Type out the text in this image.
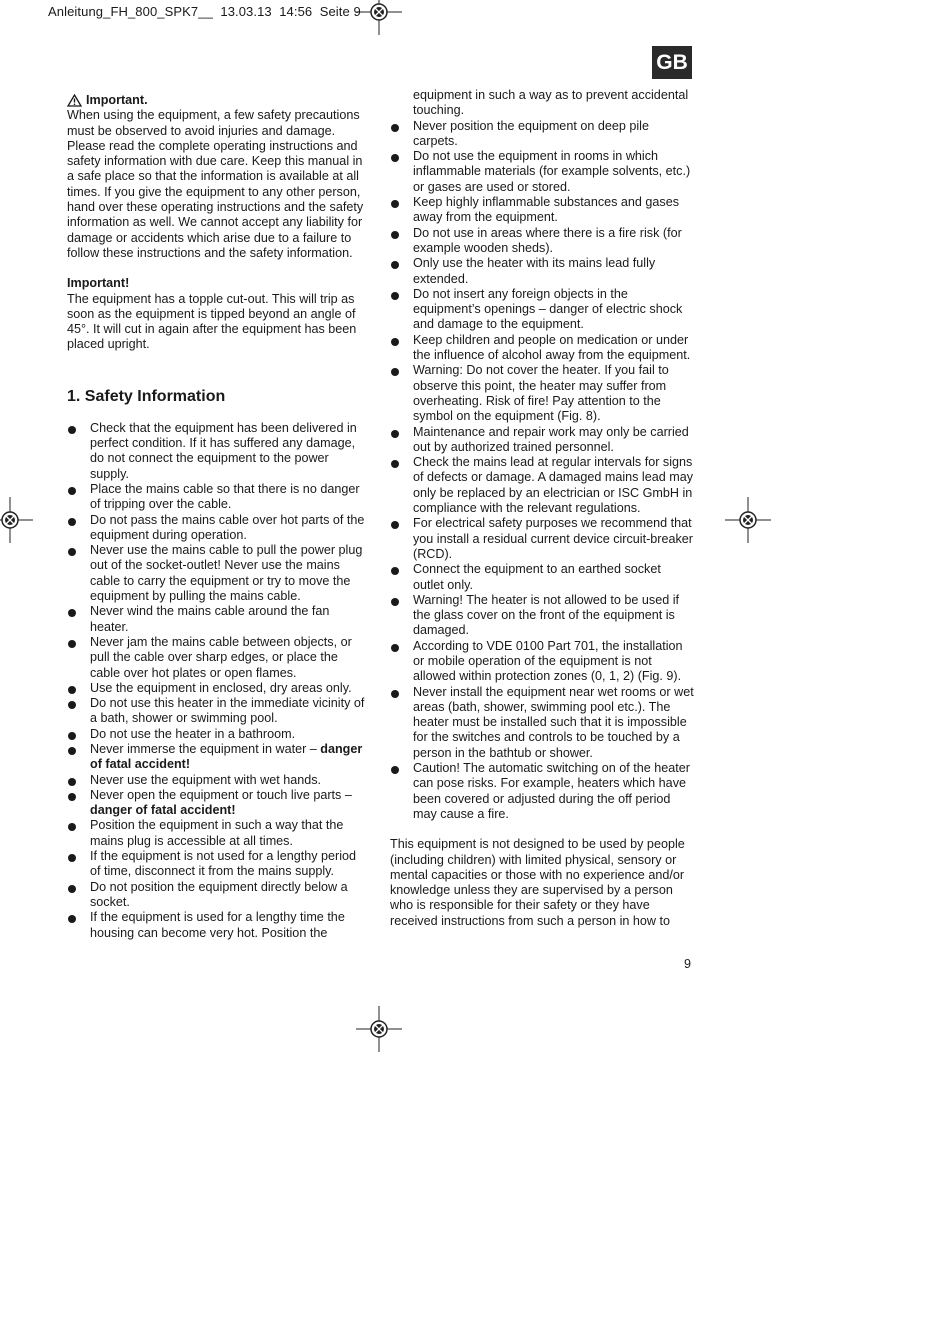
Anleitung_FH_800_SPK7__ 13.03.13 14:56 Seite 9
GB
Important.

When using the equipment, a few safety precautions must be observed to avoid injuries and damage. Please read the complete operating instructions and safety information with due care. Keep this manual in a safe place so that the information is available at all times. If you give the equipment to any other person, hand over these operating instructions and the safety information as well. We cannot accept any liability for damage or accidents which arise due to a failure to follow these instructions and the safety information.

Important!

The equipment has a topple cut-out. This will trip as soon as the equipment is tipped beyond an angle of 45°. It will cut in again after the equipment has been placed upright.

1. Safety Information
Check that the equipment has been delivered in perfect condition. If it has suffered any damage, do not connect the equipment to the power supply.
Place the mains cable so that there is no danger of tripping over the cable.
Do not pass the mains cable over hot parts of the equipment during operation.
Never use the mains cable to pull the power plug out of the socket-outlet! Never use the mains cable to carry the equipment or try to move the equipment by pulling the mains cable.
Never wind the mains cable around the fan heater.
Never jam the mains cable between objects, or pull the cable over sharp edges, or place the cable over hot plates or open flames.
Use the equipment in enclosed, dry areas only.
Do not use this heater in the immediate vicinity of a bath, shower or swimming pool.
Do not use the heater in a bathroom.
Never immerse the equipment in water – danger of fatal accident!
Never use the equipment with wet hands.
Never open the equipment or touch live parts – danger of fatal accident!
Position the equipment in such a way that the mains plug is accessible at all times.
If the equipment is not used for a lengthy period of time, disconnect it from the mains supply.
Do not position the equipment directly below a socket.
If the equipment is used for a lengthy time the housing can become very hot. Position the

equipment in such a way as to prevent accidental touching.

Never position the equipment on deep pile carpets.
Do not use the equipment in rooms in which inflammable materials (for example solvents, etc.) or gases are used or stored.
Keep highly inflammable substances and gases away from the equipment.
Do not use in areas where there is a fire risk (for example wooden sheds).
Only use the heater with its mains lead fully extended.
Do not insert any foreign objects in the equipment’s openings – danger of electric shock and damage to the equipment.
Keep children and people on medication or under the influence of alcohol away from the equipment.
Warning: Do not cover the heater. If you fail to observe this point, the heater may suffer from overheating. Risk of fire! Pay attention to the symbol on the equipment (Fig. 8).
Maintenance and repair work may only be carried out by authorized trained personnel.
Check the mains lead at regular intervals for signs of defects or damage. A damaged mains lead may only be replaced by an electrician or ISC GmbH in compliance with the relevant regulations.
For electrical safety purposes we recommend that you install a residual current device circuit-breaker (RCD).
Connect the equipment to an earthed socket outlet only.
Warning! The heater is not allowed to be used if the glass cover on the front of the equipment is damaged.
According to VDE 0100 Part 701, the installation or mobile operation of the equipment is not allowed within protection zones (0, 1, 2) (Fig. 9).
Never install the equipment near wet rooms or wet areas (bath, shower, swimming pool etc.). The heater must be installed such that it is impossible for the switches and controls to be touched by a person in the bathtub or shower.
Caution! The automatic switching on of the heater can pose risks. For example, heaters which have been covered or adjusted during the off period may cause a fire.

This equipment is not designed to be used by people (including children) with limited physical, sensory or mental capacities or those with no experience and/or knowledge unless they are supervised by a person who is responsible for their safety or they have received instructions from such a person in how to

9
